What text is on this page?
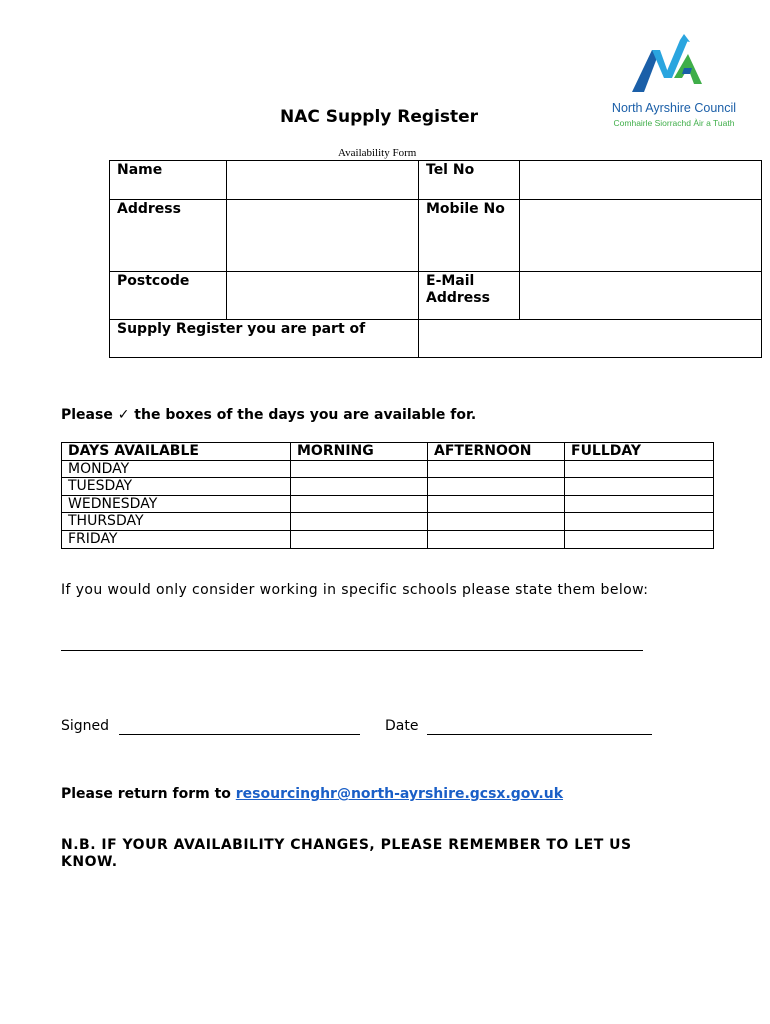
North Ayrshire Council
Comhairle Siorrachd Àir a Tuath
NAC Supply Register
Availability Form
Name		Tel No	
Address		Mobile No	
Postcode		E-Mail Address	
Supply Register you are part of			
Please ✓ the boxes of the days you are available for.
DAYS AVAILABLE	MORNING	AFTERNOON	FULLDAY
MONDAY			
TUESDAY			
WEDNESDAY			
THURSDAY			
FRIDAY			
If you would only consider working in specific schools please state them below:
Signed	Date
Please return form to resourcinghr@north-ayrshire.gcsx.gov.uk
N.B. IF YOUR AVAILABILITY CHANGES, PLEASE REMEMBER TO LET US KNOW.
